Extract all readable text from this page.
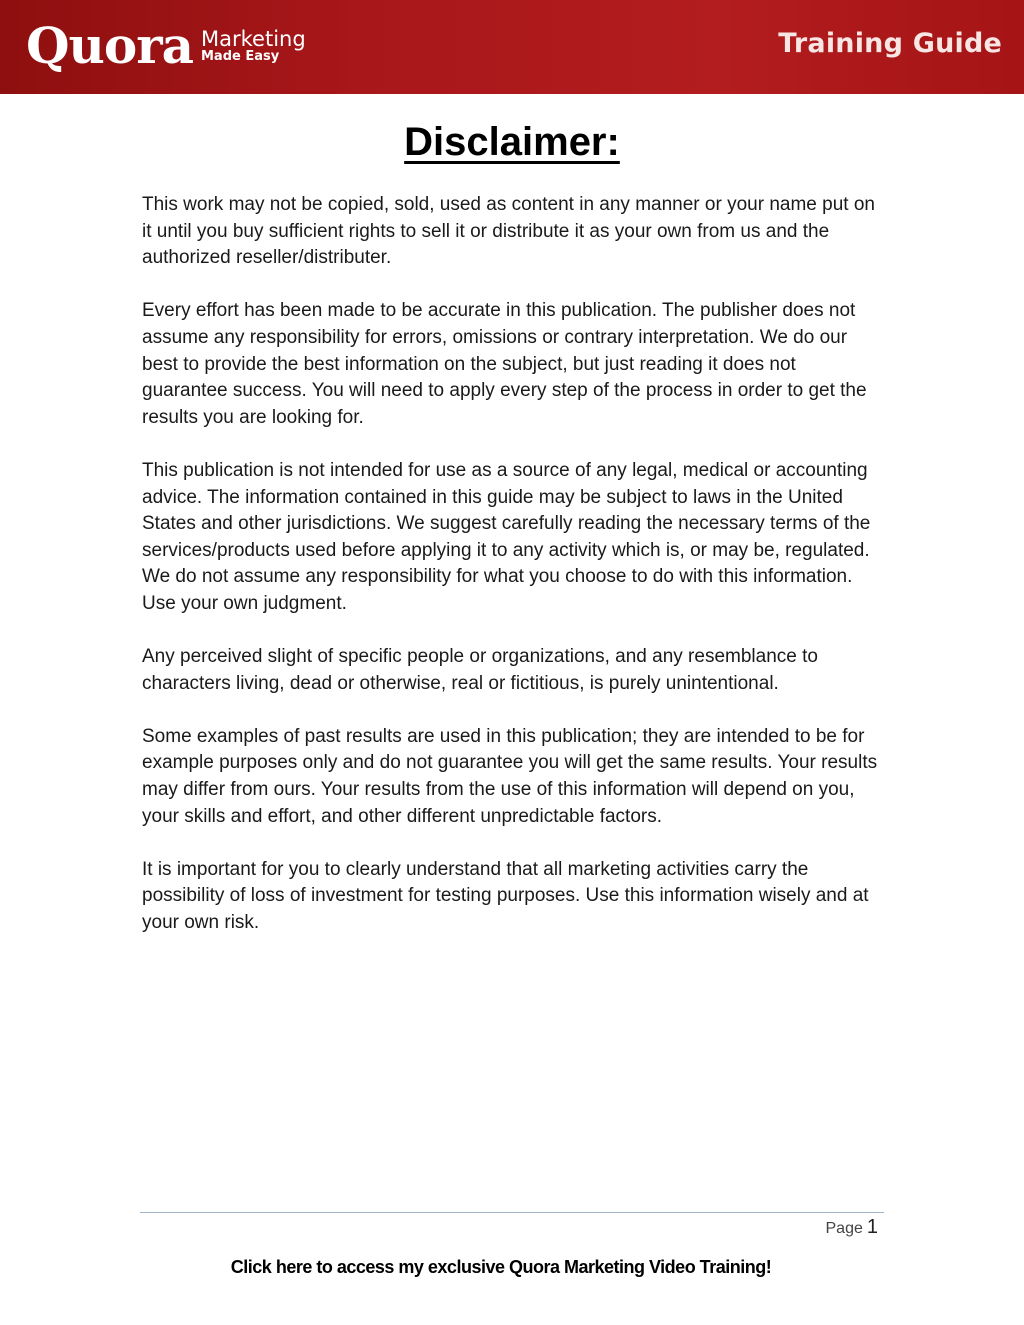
Quora Marketing
Made Easy	Training Guide
Disclaimer:

This work may not be copied, sold, used as content in any manner or your name put on it until you buy sufficient rights to sell it or distribute it as your own from us and the authorized reseller/distributer.

Every effort has been made to be accurate in this publication. The publisher does not assume any responsibility for errors, omissions or contrary interpretation. We do our best to provide the best information on the subject, but just reading it does not guarantee success. You will need to apply every step of the process in order to get the results you are looking for.

This publication is not intended for use as a source of any legal, medical or accounting advice. The information contained in this guide may be subject to laws in the United States and other jurisdictions. We suggest carefully reading the necessary terms of the services/products used before applying it to any activity which is, or may be, regulated. We do not assume any responsibility for what you choose to do with this information. Use your own judgment.

Any perceived slight of specific people or organizations, and any resemblance to characters living, dead or otherwise, real or fictitious, is purely unintentional.

Some examples of past results are used in this publication; they are intended to be for example purposes only and do not guarantee you will get the same results. Your results may differ from ours. Your results from the use of this information will depend on you, your skills and effort, and other different unpredictable factors.

It is important for you to clearly understand that all marketing activities carry the possibility of loss of investment for testing purposes. Use this information wisely and at your own risk.

Page 1
Click here to access my exclusive Quora Marketing Video Training!
